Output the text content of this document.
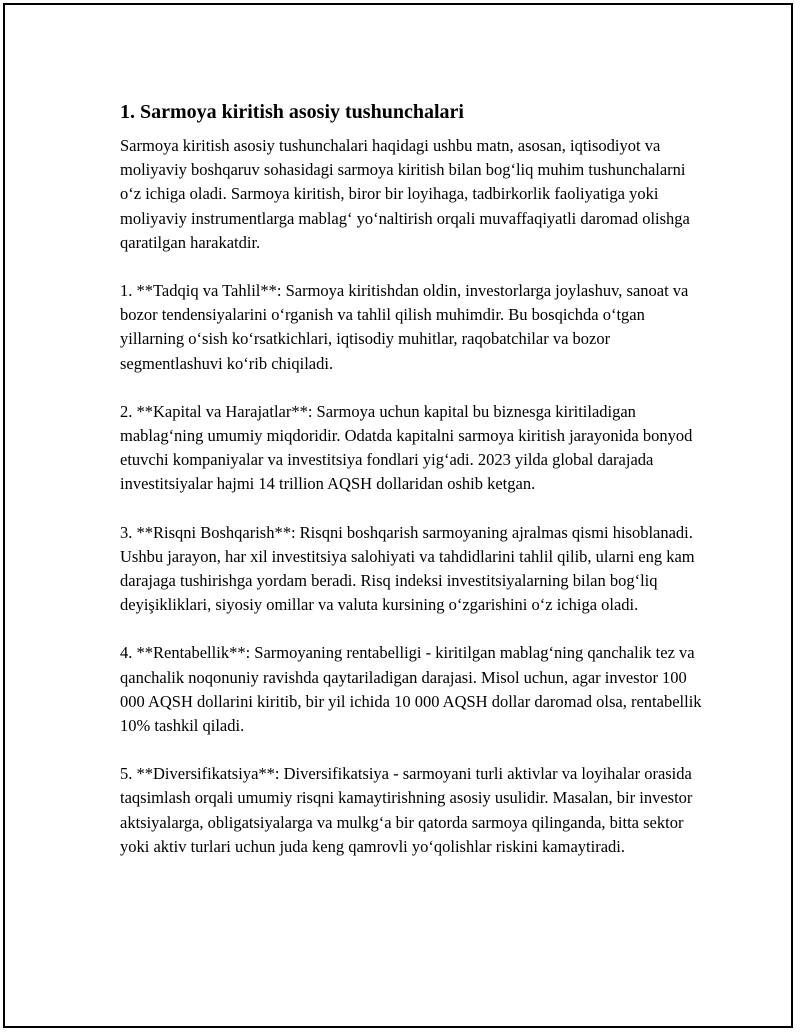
1. Sarmoya kiritish asosiy tushunchalari

Sarmoya kiritish asosiy tushunchalari haqidagi ushbu matn, asosan, iqtisodiyot va moliyaviy boshqaruv sohasidagi sarmoya kiritish bilan bog‘liq muhim tushunchalarni o‘z ichiga oladi. Sarmoya kiritish, biror bir loyihaga, tadbirkorlik faoliyatiga yoki moliyaviy instrumentlarga mablag‘ yo‘naltirish orqali muvaffaqiyatli daromad olishga qaratilgan harakatdir.

1. **Tadqiq va Tahlil**: Sarmoya kiritishdan oldin, investorlarga joylashuv, sanoat va bozor tendensiyalarini o‘rganish va tahlil qilish muhimdir. Bu bosqichda o‘tgan yillarning o‘sish ko‘rsatkichlari, iqtisodiy muhitlar, raqobatchilar va bozor segmentlashuvi ko‘rib chiqiladi.

2. **Kapital va Harajatlar**: Sarmoya uchun kapital bu biznesga kiritiladigan mablag‘ning umumiy miqdoridir. Odatda kapitalni sarmoya kiritish jarayonida bonyod etuvchi kompaniyalar va investitsiya fondlari yig‘adi. 2023 yilda global darajada investitsiyalar hajmi 14 trillion AQSH dollaridan oshib ketgan.

3. **Risqni Boshqarish**: Risqni boshqarish sarmoyaning ajralmas qismi hisoblanadi. Ushbu jarayon, har xil investitsiya salohiyati va tahdidlarini tahlil qilib, ularni eng kam darajaga tushirishga yordam beradi. Risq indeksi investitsiyalarning bilan bog‘liq deyişikliklari, siyosiy omillar va valuta kursining o‘zgarishini o‘z ichiga oladi.

4. **Rentabellik**: Sarmoyaning rentabelligi - kiritilgan mablag‘ning qanchalik tez va qanchalik noqonuniy ravishda qaytariladigan darajasi. Misol uchun, agar investor 100 000 AQSH dollarini kiritib, bir yil ichida 10 000 AQSH dollar daromad olsa, rentabellik 10% tashkil qiladi.

5. **Diversifikatsiya**: Diversifikatsiya - sarmoyani turli aktivlar va loyihalar orasida taqsimlash orqali umumiy risqni kamaytirishning asosiy usulidir. Masalan, bir investor aktsiyalarga, obligatsiyalarga va mulkg‘a bir qatorda sarmoya qilinganda, bitta sektor yoki aktiv turlari uchun juda keng qamrovli yo‘qolishlar riskini kamaytiradi.
